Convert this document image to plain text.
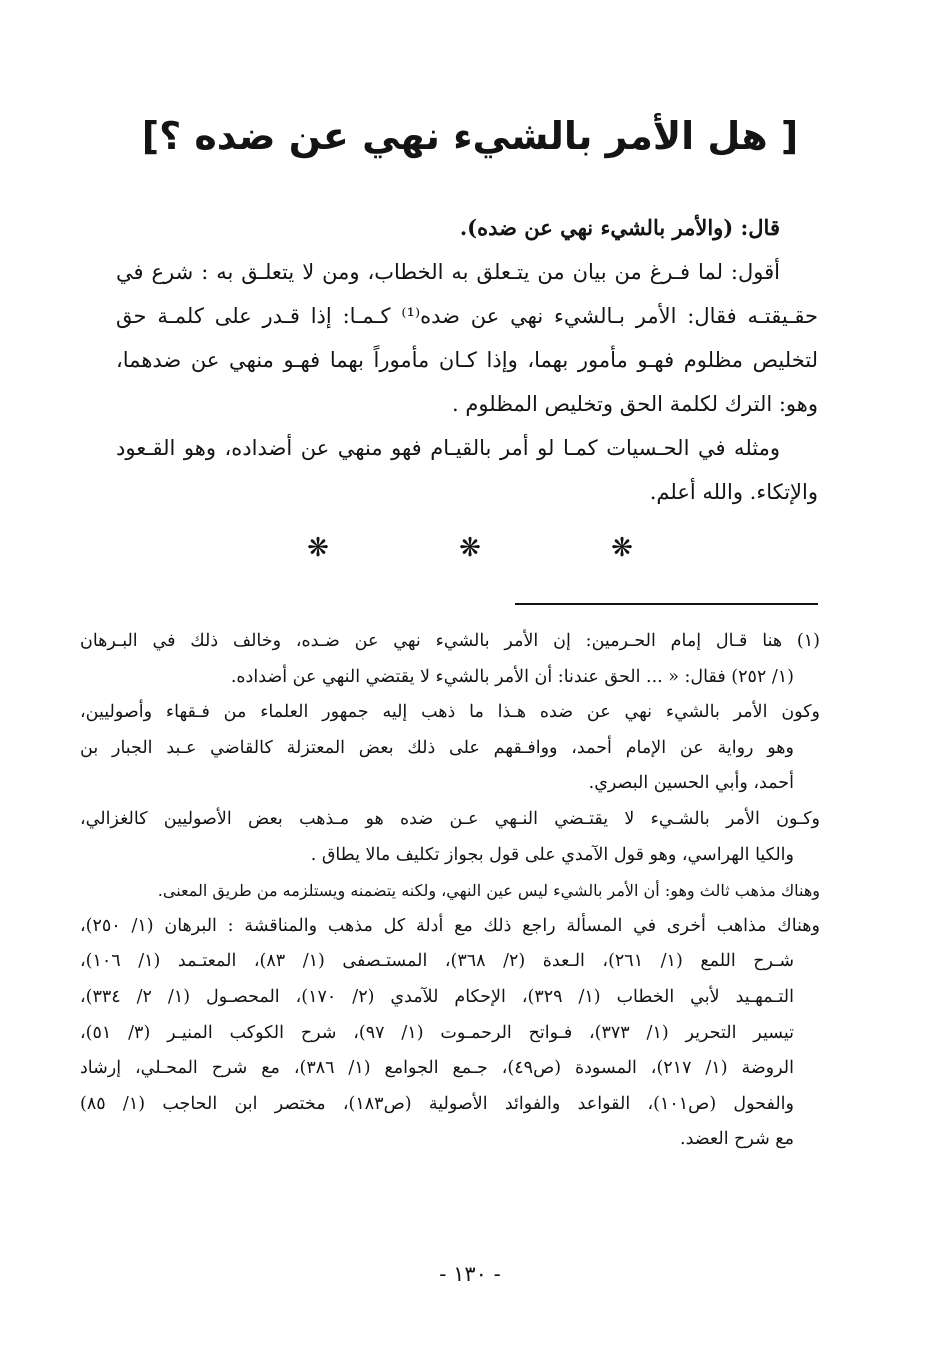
[ هل الأمر بالشيء نهي عن ضده ؟]
قال: (والأمر بالشيء نهي عن ضده).
أقول: لما فـرغ من بيان من يتـعلق به الخطاب، ومن لا يتعلـق به : شرع في
حقـيقتـه فقال: الأمر بـالشيء نهي عن ضده⁽¹⁾ كـمـا: إذا قـدر على كلمـة حق
لتخليص مظلوم فهـو مأمور بهما، وإذا كـان مأموراً بهما فهـو منهي عن ضدهما،
وهو: الترك لكلمة الحق وتخليص المظلوم .
ومثله في الحـسيات كمـا لو أمر بالقيـام فهو منهي عن أضداده، وهو القـعود
والإتكاء. والله أعلم.
❋	❋	❋
(١) هنا قـال إمام الحـرمين: إن الأمر بالشيء نهي عن ضـده، وخالف ذلك في البـرهان
(١/ ٢٥٢) فقال: « ... الحق عندنا: أن الأمر بالشيء لا يقتضي النهي عن أضداده.
وكون الأمر بالشيء نهي عن ضده هـذا ما ذهب إليه جمهور العلماء من فـقهاء وأصوليين،
وهو رواية عن الإمام أحمد، ووافـقهم على ذلك بعض المعتزلة كالقاضي عـبد الجبار بن
أحمد، وأبي الحسين البصري.
وكـون الأمر بالشـيء لا يقتـضي النـهي عـن ضده هو مـذهب بعض الأصوليين كالغزالي،
والكيا الهراسي، وهو قول الآمدي على قول بجواز تكليف مالا يطاق .
وهناك مذهب ثالث وهو: أن الأمر بالشيء ليس عين النهي، ولكنه يتضمنه ويستلزمه من طريق المعنى.
وهناك مذاهب أخرى في المسألة راجع ذلك مع أدلة كل مذهب والمناقشة : البرهان (١/ ٢٥٠)،
شـرح اللمع (١/ ٢٦١)، الـعدة (٢/ ٣٦٨)، المستـصفى (١/ ٨٣)، المعتـمد (١/ ١٠٦)،
التـمهـيد لأبي الخطاب (١/ ٣٢٩)، الإحكام للآمدي (٢/ ١٧٠)، المحصـول (١/ ٢/ ٣٣٤)،
تيسير التحرير (١/ ٣٧٣)، فـواتح الرحمـوت (١/ ٩٧)، شرح الكوكب المنيـر (٣/ ٥١)،
الروضة (١/ ٢١٧)، المسودة (ص٤٩)، جـمع الجوامع (١/ ٣٨٦)، مع شرح المحـلي، إرشاد
والفحول (ص١٠١)، القواعد والفوائد الأصولية (ص١٨٣)، مختصر ابن الحاجب (١/ ٨٥)
مع شرح العضد.
- ١٣٠ -
